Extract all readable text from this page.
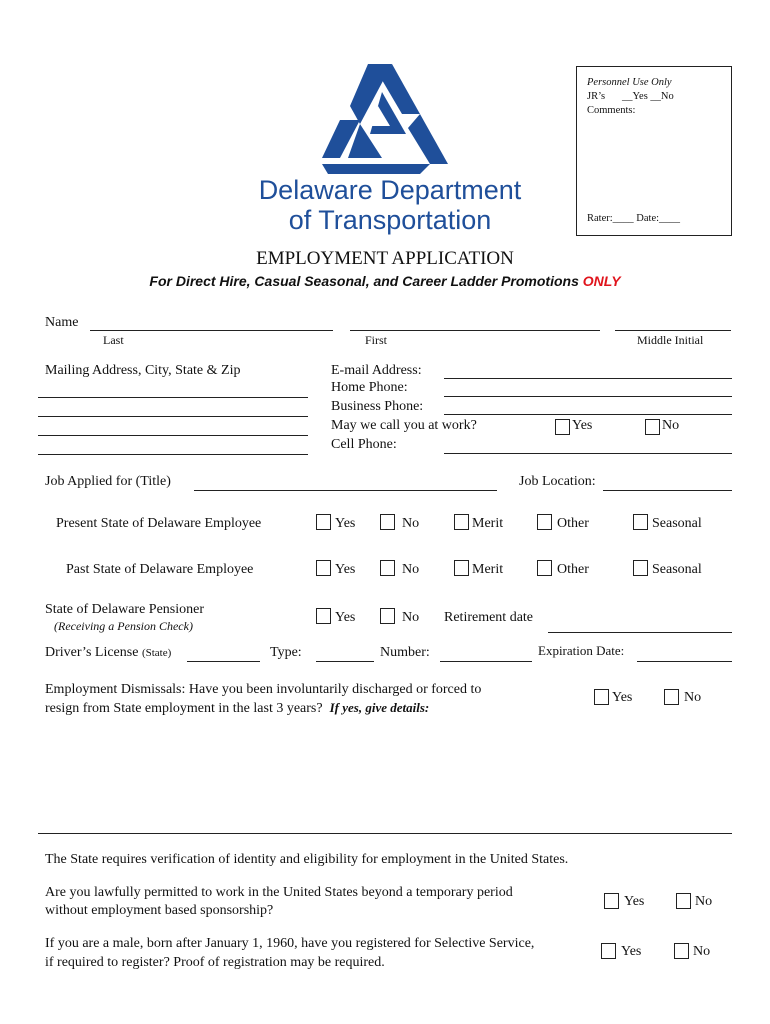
Delaware Department
of Transportation
Personnel Use Only
JR’s __Yes __No
Comments:
Rater:____ Date:____
EMPLOYMENT APPLICATION
For Direct Hire, Casual Seasonal, and Career Ladder Promotions ONLY
Name
Last	First	Middle Initial
Mailing Address, City, State & Zip	E-mail Address:
Home Phone:
Business Phone:
May we call you at work?	Yes	No
Cell Phone:
Job Applied for (Title)	Job Location:
Present State of Delaware Employee	Yes	No	Merit	Other	Seasonal
Past State of Delaware Employee	Yes	No	Merit	Other	Seasonal
State of Delaware Pensioner
(Receiving a Pension Check)
Yes	No Retirement date
Driver’s License (State)	Type:	Number:	Expiration Date:
Employment Dismissals: Have you been involuntarily discharged or forced to
resign from State employment in the last 3 years? If yes, give details:
Yes	No
The State requires verification of identity and eligibility for employment in the United States.
Are you lawfully permitted to work in the United States beyond a temporary period
without employment based sponsorship?
Yes	No
If you are a male, born after January 1, 1960, have you registered for Selective Service,
if required to register? Proof of registration may be required.
Yes	No
